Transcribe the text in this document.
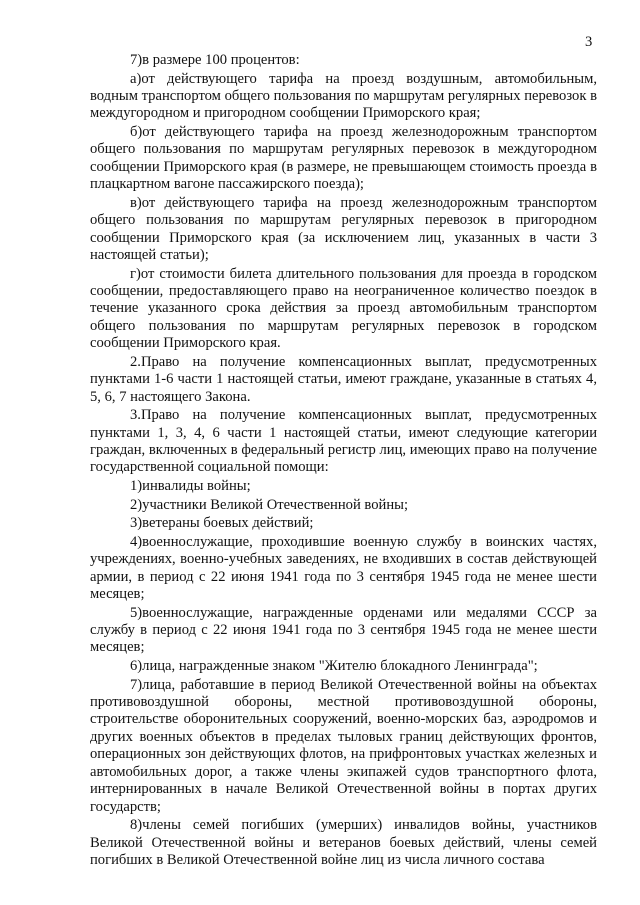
3

7)в размере 100 процентов:

а)от действующего тарифа на проезд воздушным, автомобильным, водным транспортом общего пользования по маршрутам регулярных перевозок в междугородном и пригородном сообщении Приморского края;

б)от действующего тарифа на проезд железнодорожным транспортом общего пользования по маршрутам регулярных перевозок в междугородном сообщении Приморского края (в размере, не превышающем стоимость проезда в плацкартном вагоне пассажирского поезда);

в)от действующего тарифа на проезд железнодорожным транспортом общего пользования по маршрутам регулярных перевозок в пригородном сообщении Приморского края (за исключением лиц, указанных в части 3 настоящей статьи);

г)от стоимости билета длительного пользования для проезда в городском сообщении, предоставляющего право на неограниченное количество поездок в течение указанного срока действия за проезд автомобильным транспортом общего пользования по маршрутам регулярных перевозок в городском сообщении Приморского края.

2.Право на получение компенсационных выплат, предусмотренных пунктами 1-6 части 1 настоящей статьи, имеют граждане, указанные в статьях 4, 5, 6, 7 настоящего Закона.

3.Право на получение компенсационных выплат, предусмотренных пунктами 1, 3, 4, 6 части 1 настоящей статьи, имеют следующие категории граждан, включенных в федеральный регистр лиц, имеющих право на получение государственной социальной помощи:

1)инвалиды войны;

2)участники Великой Отечественной войны;

3)ветераны боевых действий;

4)военнослужащие, проходившие военную службу в воинских частях, учреждениях, военно-учебных заведениях, не входивших в состав действующей армии, в период с 22 июня 1941 года по 3 сентября 1945 года не менее шести месяцев;

5)военнослужащие, награжденные орденами или медалями СССР за службу в период с 22 июня 1941 года по 3 сентября 1945 года не менее шести месяцев;

6)лица, награжденные знаком "Жителю блокадного Ленинграда";

7)лица, работавшие в период Великой Отечественной войны на объектах противовоздушной обороны, местной противовоздушной обороны, строительстве оборонительных сооружений, военно-морских баз, аэродромов и других военных объектов в пределах тыловых границ действующих фронтов, операционных зон действующих флотов, на прифронтовых участках железных и автомобильных дорог, а также члены экипажей судов транспортного флота, интернированных в начале Великой Отечественной войны в портах других государств;

8)члены семей погибших (умерших) инвалидов войны, участников Великой Отечественной войны и ветеранов боевых действий, члены семей погибших в Великой Отечественной войне лиц из числа личного состава
